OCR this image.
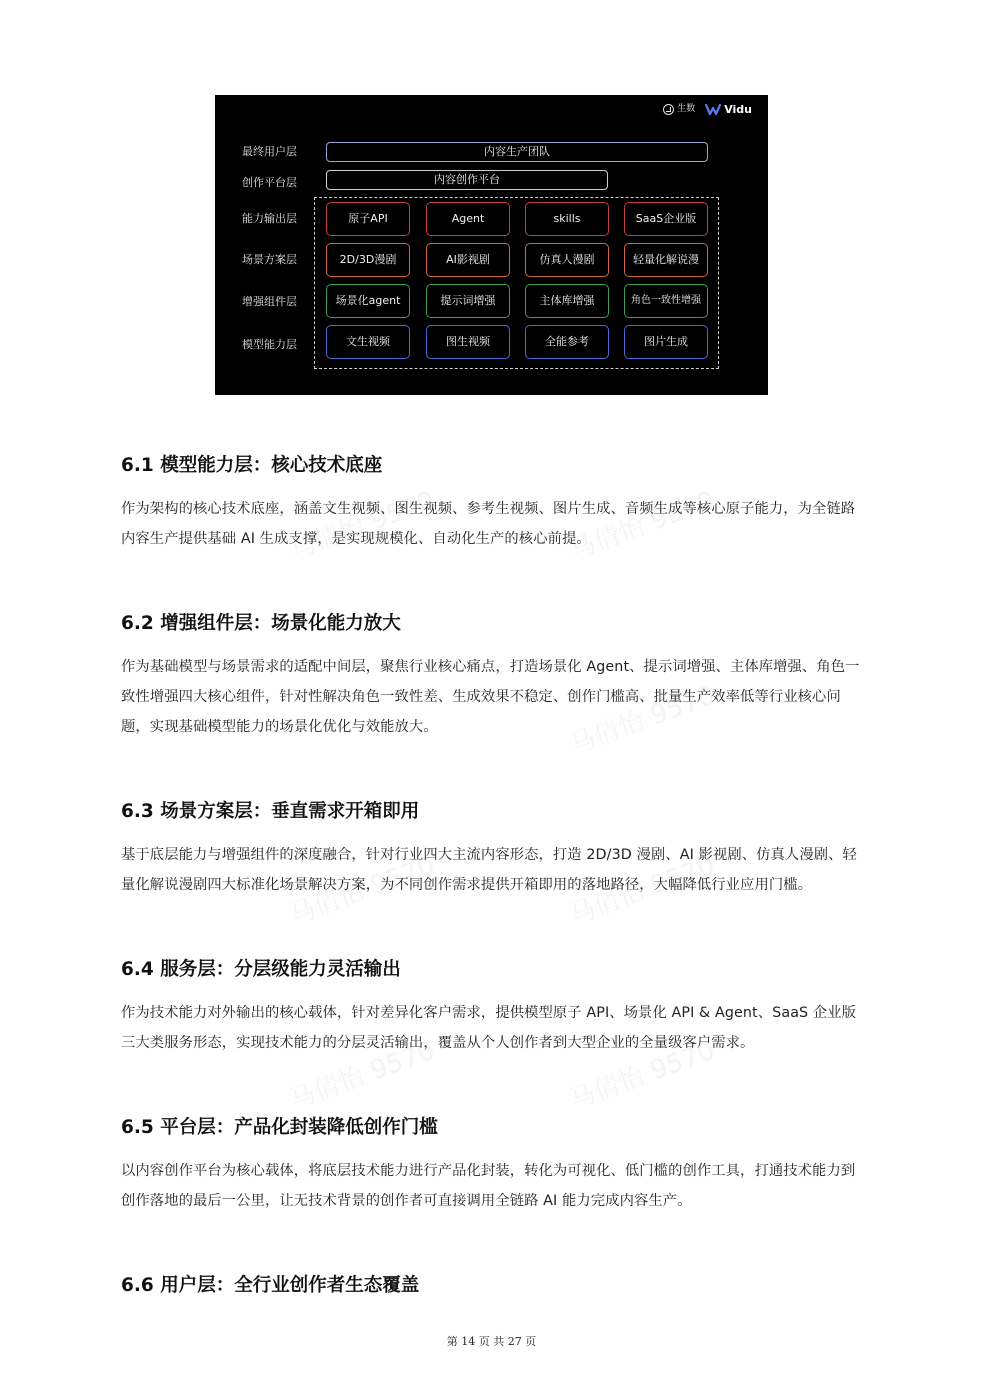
生数	Vidu
最终用户层
创作平台层
能力输出层
场景方案层
增强组件层
模型能力层
内容生产团队
内容创作平台
原子API	Agent	skills	SaaS企业版
2D/3D漫剧	AI影视剧	仿真人漫剧	轻量化解说漫
场景化agent	提示词增强	主体库增强	角色一致性增强
文生视频	图生视频	全能参考	图片生成
6.1 模型能力层：核心技术底座

作为架构的核心技术底座，涵盖文生视频、图生视频、参考生视频、图片生成、音频生成等核心原子能力，为全链路内容生产提供基础 AI 生成支撑，是实现规模化、自动化生产的核心前提。

6.2 增强组件层：场景化能力放大

作为基础模型与场景需求的适配中间层，聚焦行业核心痛点，打造场景化 Agent、提示词增强、主体库增强、角色一致性增强四大核心组件，针对性解决角色一致性差、生成效果不稳定、创作门槛高、批量生产效率低等行业核心问题，实现基础模型能力的场景化优化与效能放大。

6.3 场景方案层：垂直需求开箱即用

基于底层能力与增强组件的深度融合，针对行业四大主流内容形态，打造 2D/3D 漫剧、AI 影视剧、仿真人漫剧、轻量化解说漫剧四大标准化场景解决方案，为不同创作需求提供开箱即用的落地路径，大幅降低行业应用门槛。

6.4 服务层：分层级能力灵活输出

作为技术能力对外输出的核心载体，针对差异化客户需求，提供模型原子 API、场景化 API & Agent、SaaS 企业版三大类服务形态，实现技术能力的分层灵活输出，覆盖从个人创作者到大型企业的全量级客户需求。

6.5 平台层：产品化封装降低创作门槛

以内容创作平台为核心载体，将底层技术能力进行产品化封装，转化为可视化、低门槛的创作工具，打通技术能力到创作落地的最后一公里，让无技术背景的创作者可直接调用全链路 AI 能力完成内容生产。

6.6 用户层：全行业创作者生态覆盖
第 14 页 共 27 页
